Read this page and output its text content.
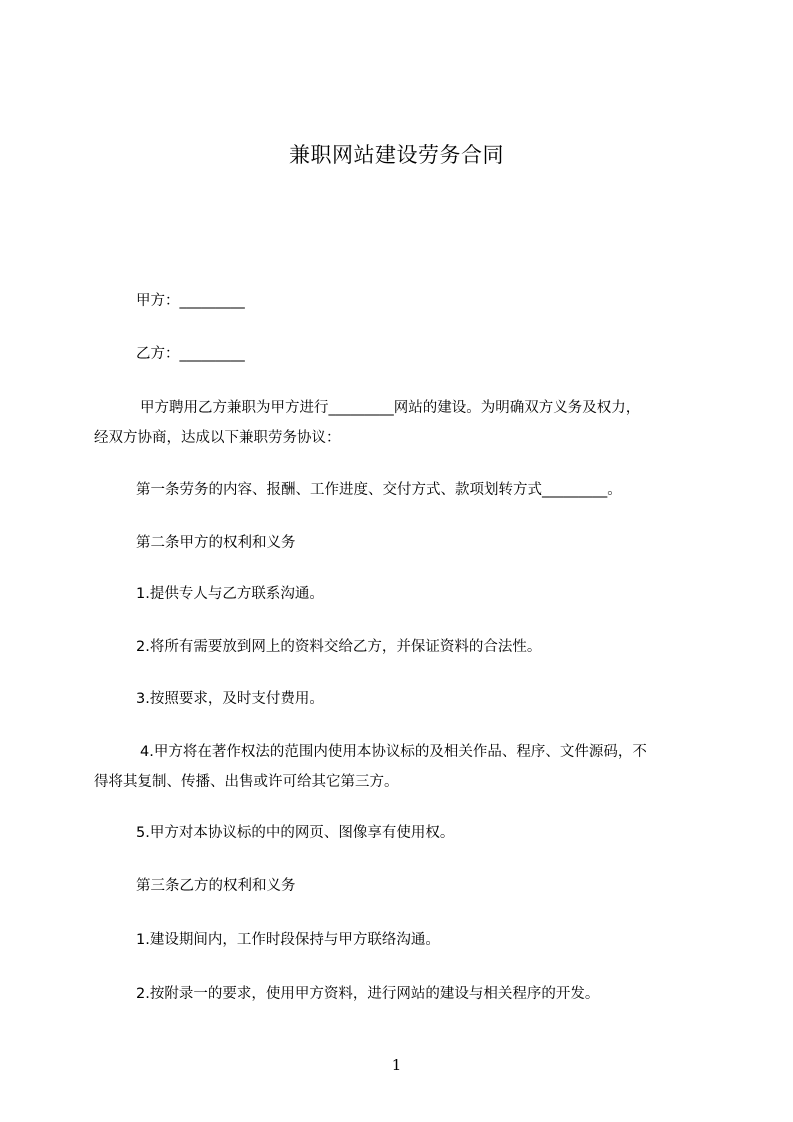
兼职网站建设劳务合同
甲方：_________
乙方：_________
甲方聘用乙方兼职为甲方进行_________网站的建设。为明确双方义务及权力，
经双方协商，达成以下兼职劳务协议：
第一条劳务的内容、报酬、工作进度、交付方式、款项划转方式_________。
第二条甲方的权利和义务
1.提供专人与乙方联系沟通。
2.将所有需要放到网上的资料交给乙方，并保证资料的合法性。
3.按照要求，及时支付费用。
4.甲方将在著作权法的范围内使用本协议标的及相关作品、程序、文件源码，不
得将其复制、传播、出售或许可给其它第三方。
5.甲方对本协议标的中的网页、图像享有使用权。
第三条乙方的权利和义务
1.建设期间内，工作时段保持与甲方联络沟通。
2.按附录一的要求，使用甲方资料，进行网站的建设与相关程序的开发。
1
